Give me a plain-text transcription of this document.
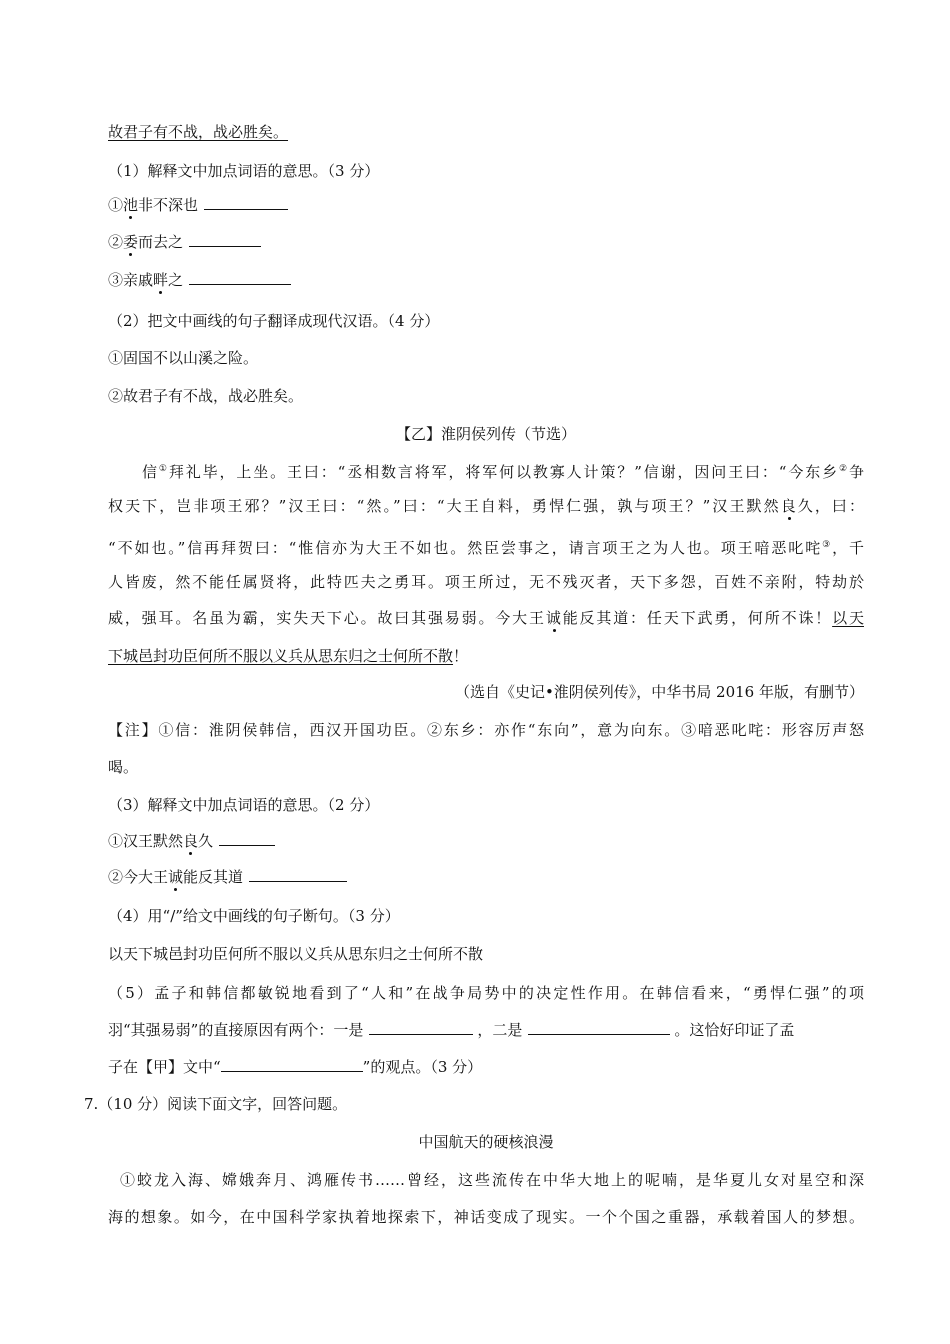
故君子有不战，战必胜矣。
（1）解释文中加点词语的意思。（3 分）
①池非不深也
②委而去之
③亲戚畔之
（2）把文中画线的句子翻译成现代汉语。（4 分）
①固国不以山溪之险。
②故君子有不战，战必胜矣。
【乙】淮阴侯列传（节选）
信①拜礼毕，上坐。王曰：“丞相数言将军，将军何以教寡人计策？”信谢，因问王曰：“今东乡②争
权天下，岂非项王邪？”汉王曰：“然。”曰：“大王自料，勇悍仁强，孰与项王？”汉王默然良久，曰：
“不如也。”信再拜贺曰：“惟信亦为大王不如也。然臣尝事之，请言项王之为人也。项王喑恶叱咤③，千
人皆废，然不能任属贤将，此特匹夫之勇耳。项王所过，无不残灭者，天下多怨，百姓不亲附，特劫於
威，强耳。名虽为霸，实失天下心。故曰其强易弱。今大王诚能反其道：任天下武勇，何所不诛！以天
下城邑封功臣何所不服以义兵从思东归之士何所不散！
（选自《史记•淮阴侯列传》，中华书局 2016 年版，有删节）
【注】①信：淮阴侯韩信，西汉开国功臣。②东乡：亦作“东向”，意为向东。③喑恶叱咤：形容厉声怒
喝。
（3）解释文中加点词语的意思。（2 分）
①汉王默然良久
②今大王诚能反其道
（4）用“/”给文中画线的句子断句。（3 分）
以天下城邑封功臣何所不服以义兵从思东归之士何所不散
（5）孟子和韩信都敏锐地看到了“人和”在战争局势中的决定性作用。在韩信看来，“勇悍仁强”的项
羽“其强易弱”的直接原因有两个：一是	，二是	。这恰好印证了孟
子在【甲】文中“	”的观点。（3 分）
7.（10 分）阅读下面文字，回答问题。
中国航天的硬核浪漫
①蛟龙入海、嫦娥奔月、鸿雁传书……曾经，这些流传在中华大地上的呢喃，是华夏儿女对星空和深
海的想象。如今，在中国科学家执着地探索下，神话变成了现实。一个个国之重器，承载着国人的梦想。
